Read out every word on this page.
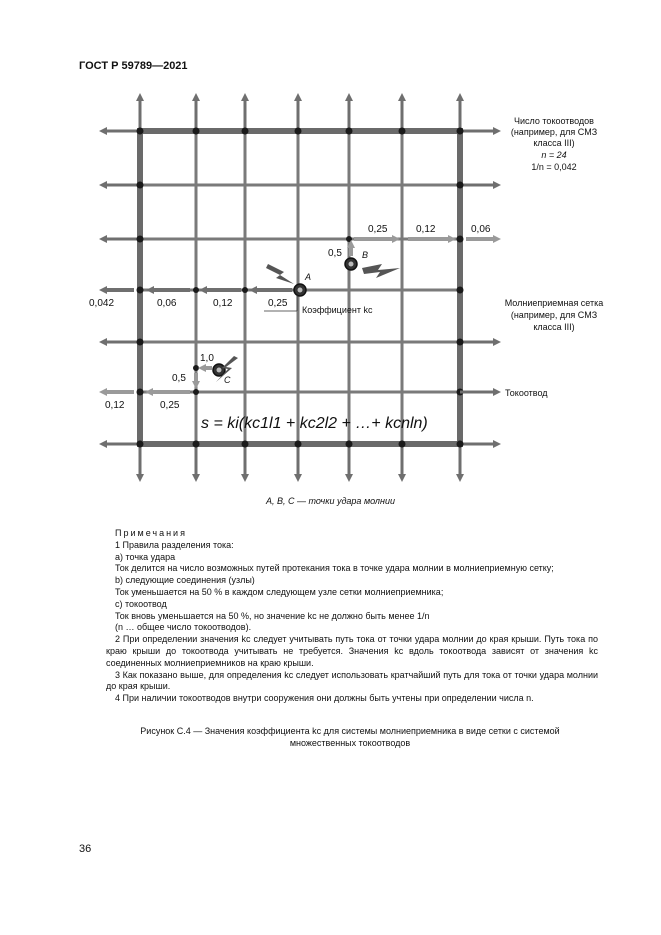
ГОСТ Р 59789—2021
Число токоотводов
(например, для СМЗ
класса III)
n = 24
1/n = 0,042
Молниеприемная сетка
(например, для СМЗ
класса III)
Токоотвод
Коэффициент kc
A
B
C
0,5
0,25	0,12	0,06
0,25
0,12
0,06
0,042
1,0
0,5
0,25
0,12
s = ki(kc1l1 + kc2l2 + …+ kcnln)
A, B, C — точки удара молнии

Примечания

1 Правила разделения тока:

а) точка удара

Ток делится на число возможных путей протекания тока в точке удара молнии в молниеприемную сетку;

b) следующие соединения (узлы)

Ток уменьшается на 50 % в каждом следующем узле сетки молниеприемника;

с) токоотвод

Ток вновь уменьшается на 50 %, но значение kc не должно быть менее 1/n

(n … общее число токоотводов).

2 При определении значения kc следует учитывать путь тока от точки удара молнии до края крыши. Путь тока по краю крыши до токоотвода учитывать не требуется. Значения kc вдоль токоотвода зависят от значения kc соединенных молниеприемников на краю крыши.

3 Как показано выше, для определения kc следует использовать кратчайший путь для тока от точки удара молнии до края крыши.

4 При наличии токоотводов внутри сооружения они должны быть учтены при определении числа n.

Рисунок С.4 — Значения коэффициента kc для системы молниеприемника в виде сетки с системой множественных токоотводов
36
